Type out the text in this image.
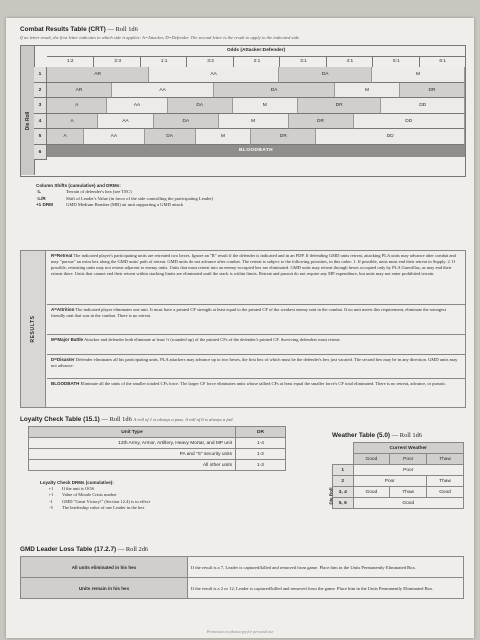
Combat Results Table (CRT) — Roll 1d6
If no letter result, the first letter indicates to which side it applies: A=Attacker, D=Defender. The second letter is the result to apply to the indicated side.
Odds (Attacker:Defender)
1:2	2:3	1:1	3:2	2:1	3:1	4:1	5:1	6:1
Die Roll
1	AR	AA	DA	M
2	AR	AA	DA	M	DR
3	A	AA	DA	M	DR	DD
4	A	AA	DA	M	DR	DD
5	A	AA	DA	M	DR	DD
6	BLOODBATH
Column Shifts (cumulative) and DRMs:
↑L	Terrain of defender's hex (see TEC)
↑L/R	Shift of Leader's Value (in favor of the side controlling the participating Leader)
+1 DRM	GMD Medium Bomber (MB) air unit supporting a GMD attack
RESULTS
R=Retreat The indicated player's participating units are retreated two hexes. Ignore an "R" result if the defender is indicated and in an FDP. If defending GMD units retreat, attacking PLA units may advance after combat and may "pursue" an extra hex along the GMD units' path of retreat. GMD units do not advance after combat. The retreat is subject to the following priorities, in this order: 1. If possible, units must end their retreat in Supply. 2. If possible, retreating units may not retreat adjacent to enemy units. Units that must retreat into an enemy-occupied hex are eliminated. GMD units may retreat through hexes occupied only by PLA Guerrillas, as may end their retreat there. Units that cannot end their retreat within stacking limits are eliminated until the stack is within limits. Retreat and pursuit do not require any MP expenditure, but units may not enter prohibited terrain.
A=Attrition The indicated player eliminates one unit. It must have a printed CF strength at least equal to the printed CF of the weakest enemy unit in the combat. If no unit meets this requirement, eliminate the strongest friendly unit that was in the combat. There is no retreat.
M=Major Battle Attacker and defender both eliminate at least ½ (rounded up) of the printed CFs of the defender's printed CF. Surviving defenders must retreat.
D=Disaster Defender eliminates all his participating units. PLA attackers may advance up to two hexes, the first hex of which must be the defender's hex just vacated. The second hex may be in any direction. GMD units may not advance.
BLOODBATH Eliminate all the units of the smaller totaled CFs force. The larger CF force eliminates units whose tallied CFs at least equal the smaller force's CF total eliminated. There is no retreat, advance, or pursuit.
Loyalty Check Table (15.1) — Roll 1d6 A roll of 1 is always a pass. A roll of 6 is always a fail.
Unit Type	DR
12th Army, Armor, Artillery, Heavy Mortar, and MP unit	1-4
PA and "S" security units	1-2
All other units	1-3
Loyalty Check DRMs (cumulative):
+1 If the unit is OOS
+1 Value of Morale Crisis marker
-1 GMD "Great Victory!" (Section 12.4) is in effect
-5 The leadership value of one Leader in the hex
Weather Table (5.0) — Roll 1d6
	Current Weather		
	Good	Poor	Thaw
1	Poor		
2	Poor		Thaw
3, 4	Good	Thaw	Good
5, 6	Good		
Die Roll
GMD Leader Loss Table (17.2.7) — Roll 2d6
All units eliminated in his hex	If the result is a 7, Leader is captured/killed and removed from game. Place him in the Units Permanently Eliminated Box.
Units remain in his hex	If the result is a 2 or 12, Leader is captured/killed and removed from the game. Place him in the Units Permanently Eliminated Box.
Permission to photocopy for personal use
